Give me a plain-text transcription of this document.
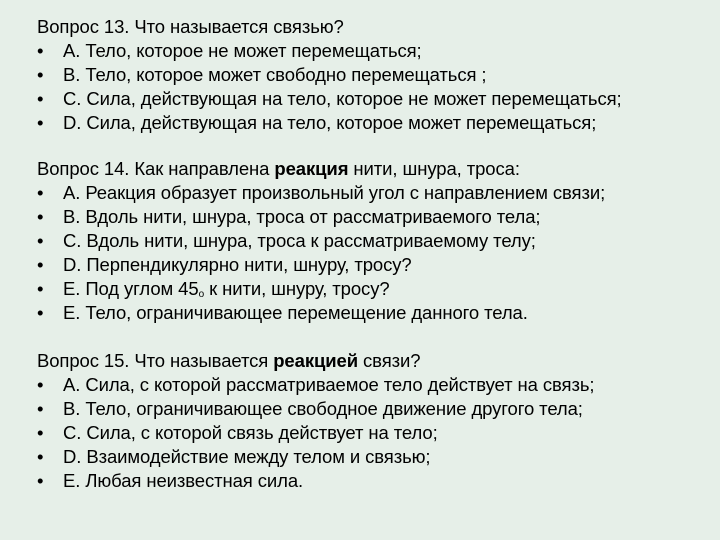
Вопрос 13. Что называется связью?
• A. Тело, которое не может перемещаться;
• B. Тело, которое может свободно перемещаться ;
• C. Сила, действующая на тело, которое не может перемещаться;
• D. Сила, действующая на тело, которое может перемещаться;
Вопрос 14. Как направлена реакция нити, шнура, троса:
• A. Реакция образует произвольный угол с направлением связи;
• B. Вдоль нити, шнура, троса от рассматриваемого тела;
• C. Вдоль нити, шнура, троса к рассматриваемому телу;
• D. Перпендикулярно нити, шнуру, тросу?
• E. Под углом $45_о$ к нити, шнуру, тросу?
• E. Тело, ограничивающее перемещение данного тела.
Вопрос 15. Что называется реакцией связи?
• A. Сила, с которой рассматриваемое тело действует на связь;
• B. Тело, ограничивающее свободное движение другого тела;
• C. Сила, с которой связь действует на тело;
• D. Взаимодействие между телом и связью;
• E. Любая неизвестная сила.
